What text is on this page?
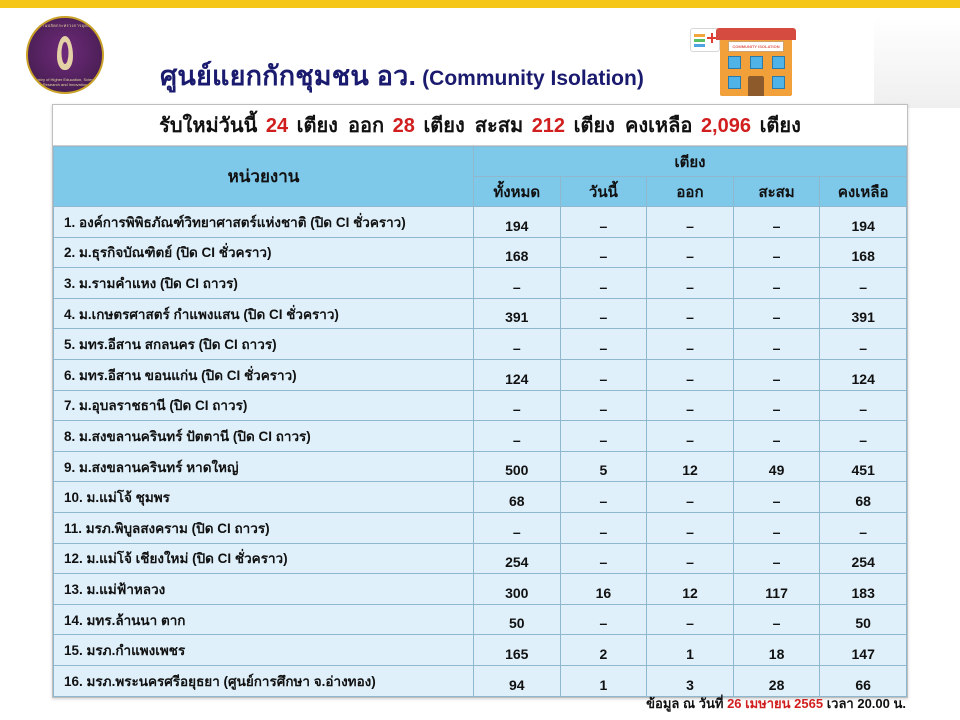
สำนักงานปลัดกระทรวงการอุดมศึกษา
Ministry of Higher Education, Science, Research and Innovation	ศูนย์แยกกักชุมชน อว. (Community Isolation)
COMMUNITY ISOLATION
รับใหม่วันนี้ 24 เตียง ออก 28 เตียง สะสม 212 เตียง คงเหลือ 2,096 เตียง
หน่วยงาน	เตียง				
	ทั้งหมด	วันนี้	ออก	สะสม	คงเหลือ
1. องค์การพิพิธภัณฑ์วิทยาศาสตร์แห่งชาติ (ปิด CI ชั่วคราว)	194	–	–	–	194
2. ม.ธุรกิจบัณฑิตย์ (ปิด CI ชั่วคราว)	168	–	–	–	168
3. ม.รามคำแหง (ปิด CI ถาวร)	–	–	–	–	–
4. ม.เกษตรศาสตร์ กำแพงแสน (ปิด CI ชั่วคราว)	391	–	–	–	391
5. มทร.อีสาน สกลนคร (ปิด CI ถาวร)	–	–	–	–	–
6. มทร.อีสาน ขอนแก่น (ปิด CI ชั่วคราว)	124	–	–	–	124
7. ม.อุบลราชธานี (ปิด CI ถาวร)	–	–	–	–	–
8. ม.สงขลานครินทร์ ปัตตานี (ปิด CI ถาวร)	–	–	–	–	–
9. ม.สงขลานครินทร์ หาดใหญ่	500	5	12	49	451
10. ม.แม่โจ้ ชุมพร	68	–	–	–	68
11. มรภ.พิบูลสงคราม (ปิด CI ถาวร)	–	–	–	–	–
12. ม.แม่โจ้ เชียงใหม่ (ปิด CI ชั่วคราว)	254	–	–	–	254
13. ม.แม่ฟ้าหลวง	300	16	12	117	183
14. มทร.ล้านนา ตาก	50	–	–	–	50
15. มรภ.กำแพงเพชร	165	2	1	18	147
16. มรภ.พระนครศรีอยุธยา (ศูนย์การศึกษา จ.อ่างทอง)	94	1	3	28	66
ข้อมูล ณ วันที่ 26 เมษายน 2565 เวลา 20.00 น.
